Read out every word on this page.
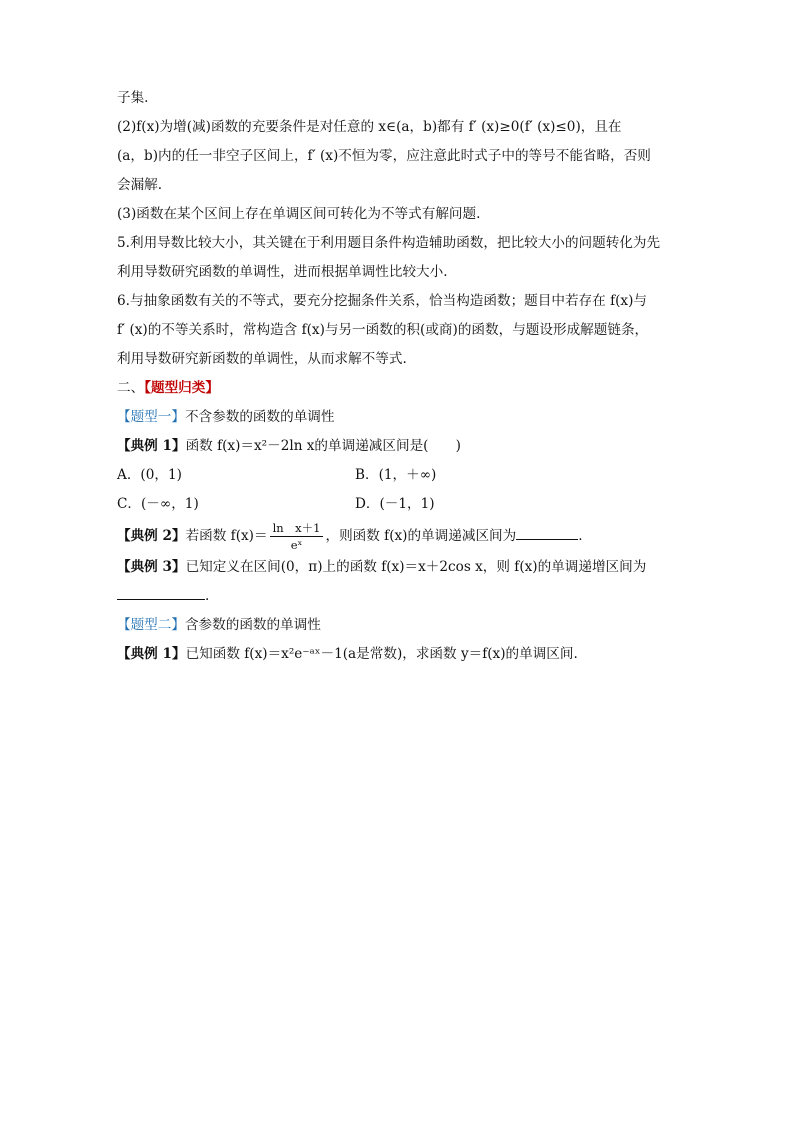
子集.
(2)f(x)为增(减)函数的充要条件是对任意的 x∈(a，b)都有 f′ (x)≥0(f′ (x)≤0)，且在
(a，b)内的任一非空子区间上，f′ (x)不恒为零，应注意此时式子中的等号不能省略，否则
会漏解.
(3)函数在某个区间上存在单调区间可转化为不等式有解问题.
5.利用导数比较大小，其关键在于利用题目条件构造辅助函数，把比较大小的问题转化为先
利用导数研究函数的单调性，进而根据单调性比较大小.
6.与抽象函数有关的不等式，要充分挖掘条件关系，恰当构造函数；题目中若存在 f(x)与
f′ (x)的不等关系时，常构造含 f(x)与另一函数的积(或商)的函数，与题设形成解题链条，
利用导数研究新函数的单调性，从而求解不等式.
二、【题型归类】
【题型一】不含参数的函数的单调性
【典例 1】函数 f(x)＝x²－2ln x的单调递减区间是(　　)
A．(0，1)	B．(1，＋∞)
C．(－∞，1)	D．(－1，1)
【典例 2】若函数 $f(x)= \frac{\text{ln　x＋1}}{\text{eˣ}}$ ，则函数 f(x)的单调递减区间为	.
【典例 3】已知定义在区间(0，π)上的函数 f(x)＝x＋2cos x，则 f(x)的单调递增区间为
.
【题型二】含参数的函数的单调性
【典例 1】已知函数 f(x)＝x²e⁻ᵃˣ－1(a是常数)，求函数 y＝f(x)的单调区间.
